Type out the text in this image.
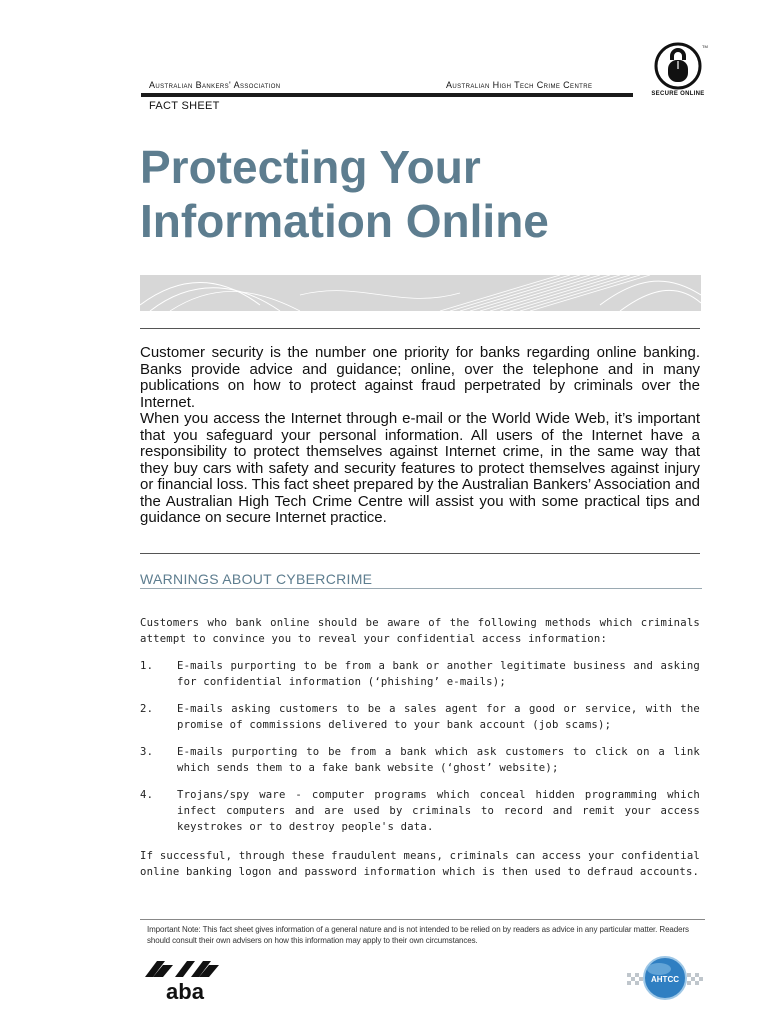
Australian Bankers' Association	Australian High Tech Crime Centre
FACT SHEET
TM
SECURE ONLINE
Protecting Your
Information Online

Customer security is the number one priority for banks regarding online banking. Banks provide advice and guidance; online, over the telephone and in many publications on how to protect against fraud perpetrated by criminals over the Internet.

When you access the Internet through e-mail or the World Wide Web, it’s important that you safeguard your personal information. All users of the Internet have a responsibility to protect themselves against Internet crime, in the same way that they buy cars with safety and security features to protect themselves against injury or financial loss. This fact sheet prepared by the Australian Bankers’ Association and the Australian High Tech Crime Centre will assist you with some practical tips and guidance on secure Internet practice.

WARNINGS ABOUT CYBERCRIME

Customers who bank online should be aware of the following methods which criminals attempt to convince you to reveal your confidential access information:

1. E-mails purporting to be from a bank or another legitimate business and asking for confidential information (‘phishing’ e-mails);
2. E-mails asking customers to be a sales agent for a good or service, with the promise of commissions delivered to your bank account (job scams);
3. E-mails purporting to be from a bank which ask customers to click on a link which sends them to a fake bank website (‘ghost’ website);
4. Trojans/spy ware - computer programs which conceal hidden programming which infect computers and are used by criminals to record and remit your access keystrokes or to destroy people's data.

If successful, through these fraudulent means, criminals can access your confidential online banking logon and password information which is then used to defraud accounts.

Important Note: This fact sheet gives information of a general nature and is not intended to be relied on by readers as advice in any particular matter. Readers should consult their own advisers on how this information may apply to their own circumstances.

aba	AHTCC
